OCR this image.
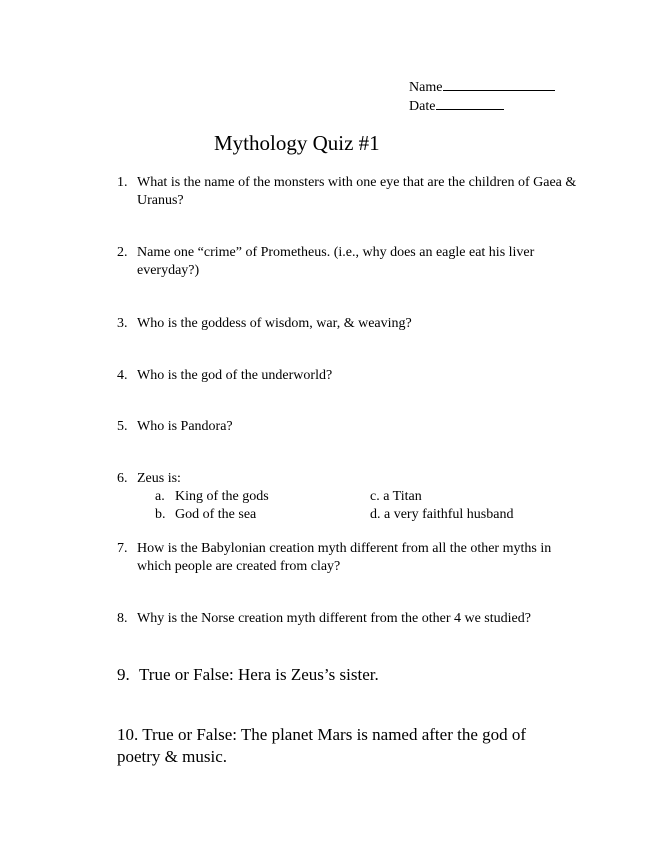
Name
Date
Mythology Quiz #1
1. What is the name of the monsters with one eye that are the children of Gaea & Uranus?
2. Name one “crime” of Prometheus. (i.e., why does an eagle eat his liver everyday?)
3. Who is the goddess of wisdom, war, & weaving?
4. Who is the god of the underworld?
5. Who is Pandora?
6. Zeus is:
a. King of the gods
b. God of the sea
c. a Titan
d. a very faithful husband
7. How is the Babylonian creation myth different from all the other myths in which people are created from clay?
8. Why is the Norse creation myth different from the other 4 we studied?
9. True or False: Hera is Zeus’s sister.
10. True or False: The planet Mars is named after the god of poetry & music.
